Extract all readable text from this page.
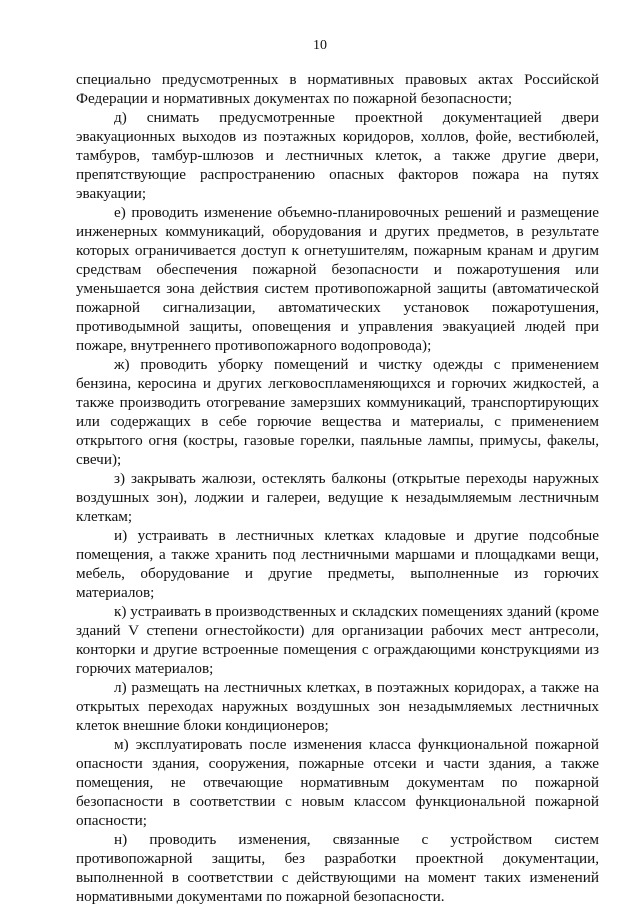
10

специально предусмотренных в нормативных правовых актах Российской Федерации и нормативных документах по пожарной безопасности;

д) снимать предусмотренные проектной документацией двери эвакуационных выходов из поэтажных коридоров, холлов, фойе, вестибюлей, тамбуров, тамбур-шлюзов и лестничных клеток, а также другие двери, препятствующие распространению опасных факторов пожара на путях эвакуации;

е) проводить изменение объемно-планировочных решений и размещение инженерных коммуникаций, оборудования и других предметов, в результате которых ограничивается доступ к огнетушителям, пожарным кранам и другим средствам обеспечения пожарной безопасности и пожаротушения или уменьшается зона действия систем противопожарной защиты (автоматической пожарной сигнализации, автоматических установок пожаротушения, противодымной защиты, оповещения и управления эвакуацией людей при пожаре, внутреннего противопожарного водопровода);

ж) проводить уборку помещений и чистку одежды с применением бензина, керосина и других легковоспламеняющихся и горючих жидкостей, а также производить отогревание замерзших коммуникаций, транспортирующих или содержащих в себе горючие вещества и материалы, с применением открытого огня (костры, газовые горелки, паяльные лампы, примусы, факелы, свечи);

з) закрывать жалюзи, остеклять балконы (открытые переходы наружных воздушных зон), лоджии и галереи, ведущие к незадымляемым лестничным клеткам;

и) устраивать в лестничных клетках кладовые и другие подсобные помещения, а также хранить под лестничными маршами и площадками вещи, мебель, оборудование и другие предметы, выполненные из горючих материалов;

к) устраивать в производственных и складских помещениях зданий (кроме зданий V степени огнестойкости) для организации рабочих мест антресоли, конторки и другие встроенные помещения с ограждающими конструкциями из горючих материалов;

л) размещать на лестничных клетках, в поэтажных коридорах, а также на открытых переходах наружных воздушных зон незадымляемых лестничных клеток внешние блоки кондиционеров;

м) эксплуатировать после изменения класса функциональной пожарной опасности здания, сооружения, пожарные отсеки и части здания, а также помещения, не отвечающие нормативным документам по пожарной безопасности в соответствии с новым классом функциональной пожарной опасности;

н) проводить изменения, связанные с устройством систем противопожарной защиты, без разработки проектной документации, выполненной в соответствии с действующими на момент таких изменений нормативными документами по пожарной безопасности.
